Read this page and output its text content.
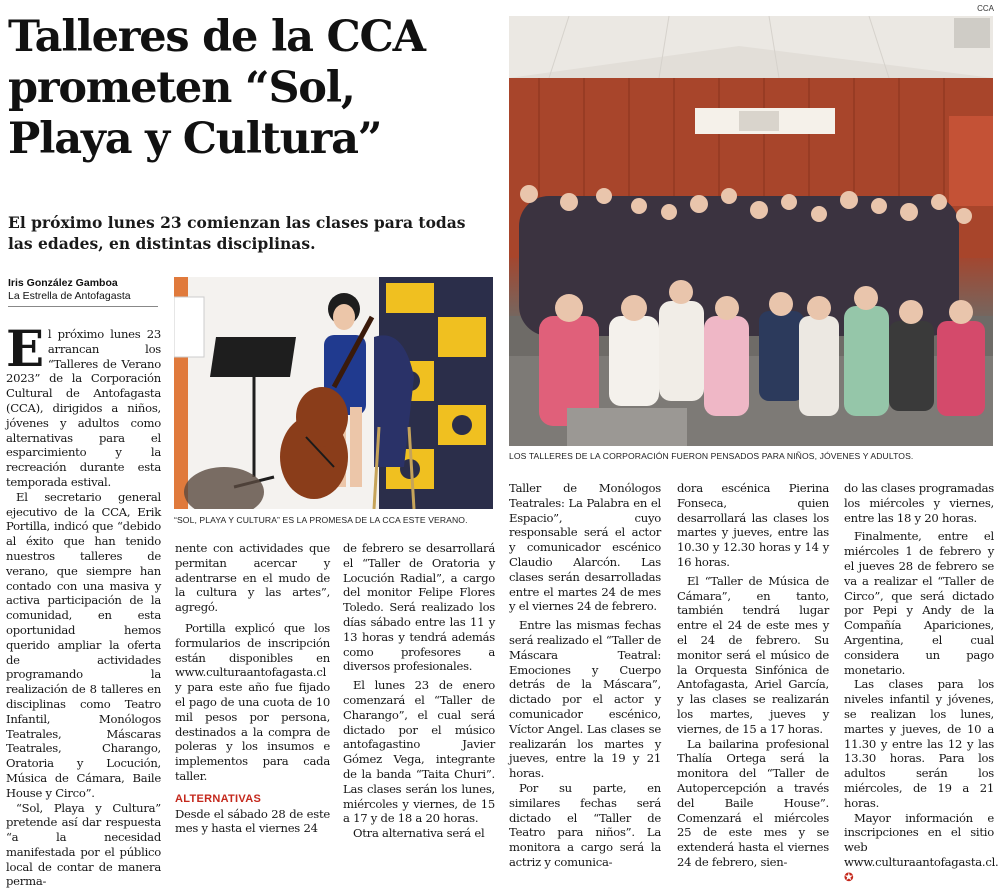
CCA
Talleres de la CCA
prometen “Sol,
Playa y Cultura”
El próximo lunes 23 comienzan las clases para todas las edades, en distintas disciplinas.
Iris González Gamboa
La Estrella de Antofagasta
LOS TALLERES DE LA CORPORACIÓN FUERON PENSADOS PARA NIÑOS, JÓVENES Y ADULTOS.
“SOL, PLAYA Y CULTURA” ES LA PROMESA DE LA CCA ESTE VERANO.

El próximo lunes 23 arrancan los “Talleres de Verano 2023” de la Corporación Cultural de Antofagasta (CCA), dirigidos a niños, jóvenes y adultos como alternativas para el esparcimiento y la recreación durante esta temporada estival.

El secretario general ejecutivo de la CCA, Erik Portilla, indicó que “debido al éxito que han tenido nuestros talleres de verano, que siempre han contado con una masiva y activa participación de la comunidad, en esta oportunidad hemos querido ampliar la oferta de actividades programando la realización de 8 talleres en disciplinas como Teatro Infantil, Monólogos Teatrales, Máscaras Teatrales, Charango, Oratoria y Locución, Música de Cámara, Baile House y Circo”.

“Sol, Playa y Cultura” pretende así dar respuesta “a la necesidad manifestada por el público local de contar de manera perma-

nente con actividades que permitan acercar y adentrarse en el mudo de la cultura y las artes”, agregó.

Portilla explicó que los formularios de inscripción están disponibles en www.culturaantofagasta.cl y para este año fue fijado el pago de una cuota de 10 mil pesos por persona, destinados a la compra de poleras y los insumos e implementos para cada taller.

ALTERNATIVAS

Desde el sábado 28 de este mes y hasta el viernes 24

de febrero se desarrollará el “Taller de Oratoria y Locución Radial”, a cargo del monitor Felipe Flores Toledo. Será realizado los días sábado entre las 11 y 13 horas y tendrá además como profesores a diversos profesionales.

El lunes 23 de enero comenzará el “Taller de Charango”, el cual será dictado por el músico antofagastino Javier Gómez Vega, integrante de la banda “Taita Churi”. Las clases serán los lunes, miércoles y viernes, de 15 a 17 y de 18 a 20 horas.

Otra alternativa será el

Taller de Monólogos Teatrales: La Palabra en el Espacio”, cuyo responsable será el actor y comunicador escénico Claudio Alarcón. Las clases serán desarrolladas entre el martes 24 de mes y el viernes 24 de febrero.

Entre las mismas fechas será realizado el “Taller de Máscara Teatral: Emociones y Cuerpo detrás de la Máscara”, dictado por el actor y comunicador escénico, Víctor Angel. Las clases se realizarán los martes y jueves, entre la 19 y 21 horas.

Por su parte, en similares fechas será dictado el “Taller de Teatro para niños”. La monitora a cargo será la actriz y comunica-

dora escénica Pierina Fonseca, quien desarrollará las clases los martes y jueves, entre las 10.30 y 12.30 horas y 14 y 16 horas.

El “Taller de Música de Cámara”, en tanto, también tendrá lugar entre el 24 de este mes y el 24 de febrero. Su monitor será el músico de la Orquesta Sinfónica de Antofagasta, Ariel García, y las clases se realizarán los martes, jueves y viernes, de 15 a 17 horas.

La bailarina profesional Thalía Ortega será la monitora del “Taller de Autopercepción a través del Baile House”. Comenzará el miércoles 25 de este mes y se extenderá hasta el viernes 24 de febrero, sien-

do las clases programadas los miércoles y viernes, entre las 18 y 20 horas.

Finalmente, entre el miércoles 1 de febrero y el jueves 28 de febrero se va a realizar el “Taller de Circo”, que será dictado por Pepi y Andy de la Compañía Apariciones, Argentina, el cual considera un pago monetario.

Las clases para los niveles infantil y jóvenes, se realizan los lunes, martes y jueves, de 10 a 11.30 y entre las 12 y las 13.30 horas. Para los adultos serán los miércoles, de 19 a 21 horas.

Mayor información e inscripciones en el sitio web www.culturaantofagasta.cl. ✪
